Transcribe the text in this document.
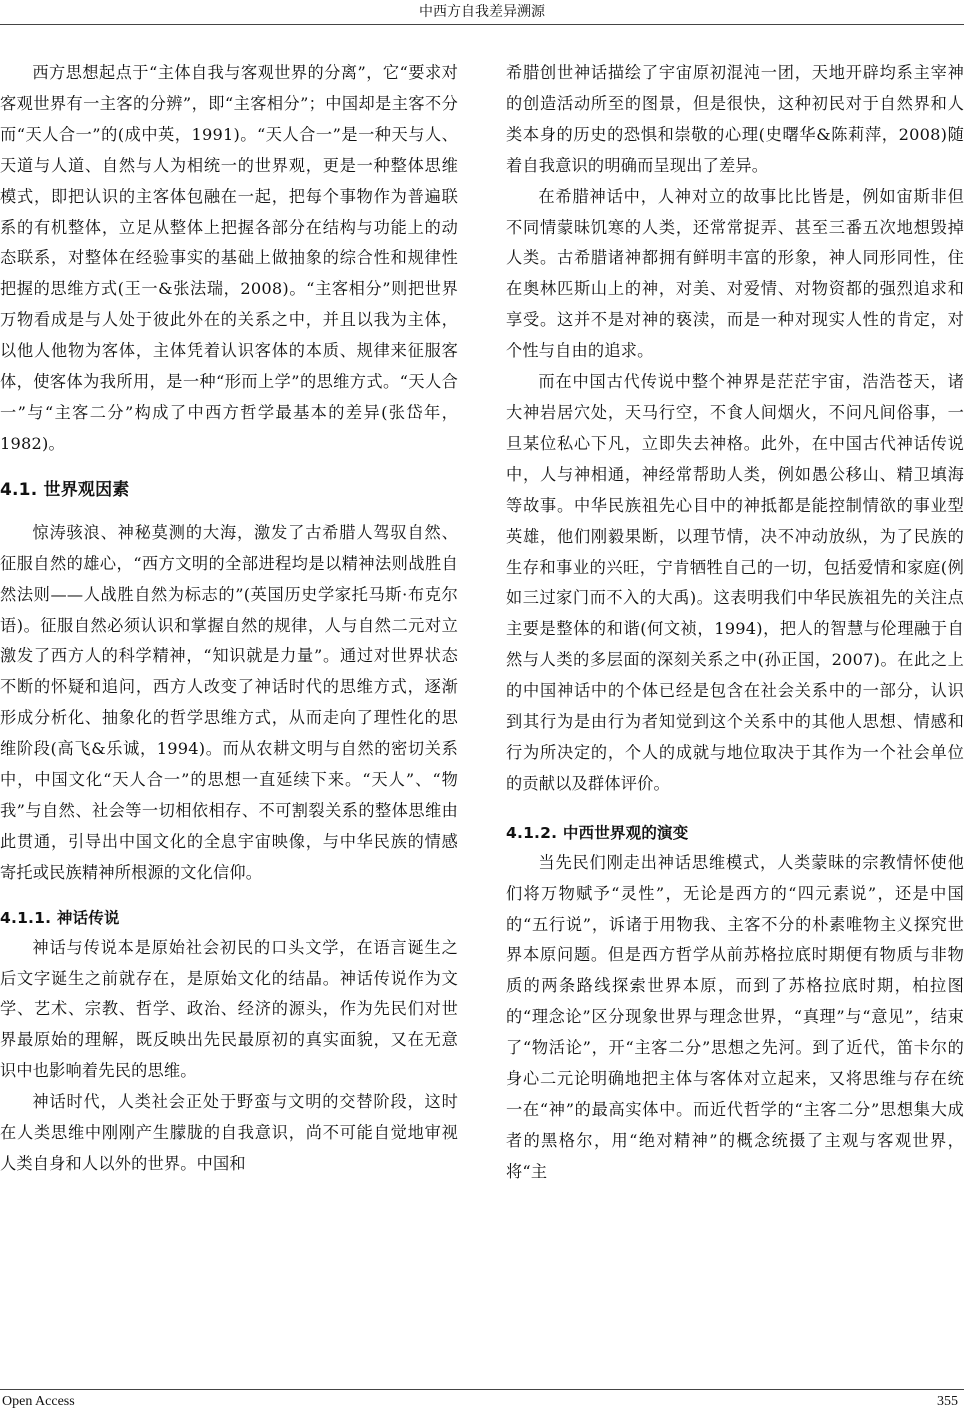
中西方自我差异溯源

西方思想起点于“主体自我与客观世界的分离”，它“要求对客观世界有一主客的分辨”，即“主客相分”；中国却是主客不分而“天人合一”的(成中英，1991)。“天人合一”是一种天与人、天道与人道、自然与人为相统一的世界观，更是一种整体思维模式，即把认识的主客体包融在一起，把每个事物作为普遍联系的有机整体，立足从整体上把握各部分在结构与功能上的动态联系，对整体在经验事实的基础上做抽象的综合性和规律性把握的思维方式(王一&张法瑞，2008)。“主客相分”则把世界万物看成是与人处于彼此外在的关系之中，并且以我为主体，以他人他物为客体，主体凭着认识客体的本质、规律来征服客体，使客体为我所用，是一种“形而上学”的思维方式。“天人合一”与“主客二分”构成了中西方哲学最基本的差异(张岱年，1982)。

4.1. 世界观因素

惊涛骇浪、神秘莫测的大海，激发了古希腊人驾驭自然、征服自然的雄心，“西方文明的全部进程均是以精神法则战胜自然法则——人战胜自然为标志的”(英国历史学家托马斯·布克尔语)。征服自然必须认识和掌握自然的规律，人与自然二元对立激发了西方人的科学精神，“知识就是力量”。通过对世界状态不断的怀疑和追问，西方人改变了神话时代的思维方式，逐渐形成分析化、抽象化的哲学思维方式，从而走向了理性化的思维阶段(高飞&乐诚，1994)。而从农耕文明与自然的密切关系中，中国文化“天人合一”的思想一直延续下来。“天人”、“物我”与自然、社会等一切相依相存、不可割裂关系的整体思维由此贯通，引导出中国文化的全息宇宙映像，与中华民族的情感寄托或民族精神所根源的文化信仰。

4.1.1. 神话传说

神话与传说本是原始社会初民的口头文学，在语言诞生之后文字诞生之前就存在，是原始文化的结晶。神话传说作为文学、艺术、宗教、哲学、政治、经济的源头，作为先民们对世界最原始的理解，既反映出先民最原初的真实面貌，又在无意识中也影响着先民的思维。

神话时代，人类社会正处于野蛮与文明的交替阶段，这时在人类思维中刚刚产生朦胧的自我意识，尚不可能自觉地审视人类自身和人以外的世界。中国和

希腊创世神话描绘了宇宙原初混沌一团，天地开辟均系主宰神的创造活动所至的图景，但是很快，这种初民对于自然界和人类本身的历史的恐惧和崇敬的心理(史曙华&陈莉萍，2008)随着自我意识的明确而呈现出了差异。

在希腊神话中，人神对立的故事比比皆是，例如宙斯非但不同情蒙昧饥寒的人类，还常常捉弄、甚至三番五次地想毁掉人类。古希腊诸神都拥有鲜明丰富的形象，神人同形同性，住在奥林匹斯山上的神，对美、对爱情、对物资都的强烈追求和享受。这并不是对神的亵渎，而是一种对现实人性的肯定，对个性与自由的追求。

而在中国古代传说中整个神界是茫茫宇宙，浩浩苍天，诸大神岩居穴处，天马行空，不食人间烟火，不问凡间俗事，一旦某位私心下凡，立即失去神格。此外，在中国古代神话传说中，人与神相通，神经常帮助人类，例如愚公移山、精卫填海等故事。中华民族祖先心目中的神抵都是能控制情欲的事业型英雄，他们刚毅果断，以理节情，决不冲动放纵，为了民族的生存和事业的兴旺，宁肯牺牲自己的一切，包括爱情和家庭(例如三过家门而不入的大禹)。这表明我们中华民族祖先的关注点主要是整体的和谐(何文祯，1994)，把人的智慧与伦理融于自然与人类的多层面的深刻关系之中(孙正国，2007)。在此之上的中国神话中的个体已经是包含在社会关系中的一部分，认识到其行为是由行为者知觉到这个关系中的其他人思想、情感和行为所决定的，个人的成就与地位取决于其作为一个社会单位的贡献以及群体评价。

4.1.2. 中西世界观的演变

当先民们刚走出神话思维模式，人类蒙昧的宗教情怀使他们将万物赋予“灵性”，无论是西方的“四元素说”，还是中国的“五行说”，诉诸于用物我、主客不分的朴素唯物主义探究世界本原问题。但是西方哲学从前苏格拉底时期便有物质与非物质的两条路线探索世界本原，而到了苏格拉底时期，柏拉图的“理念论”区分现象世界与理念世界，“真理”与“意见”，结束了“物活论”，开“主客二分”思想之先河。到了近代，笛卡尔的身心二元论明确地把主体与客体对立起来，又将思维与存在统一在“神”的最高实体中。而近代哲学的“主客二分”思想集大成者的黑格尔，用“绝对精神”的概念统摄了主观与客观世界，将“主

Open Access	355
